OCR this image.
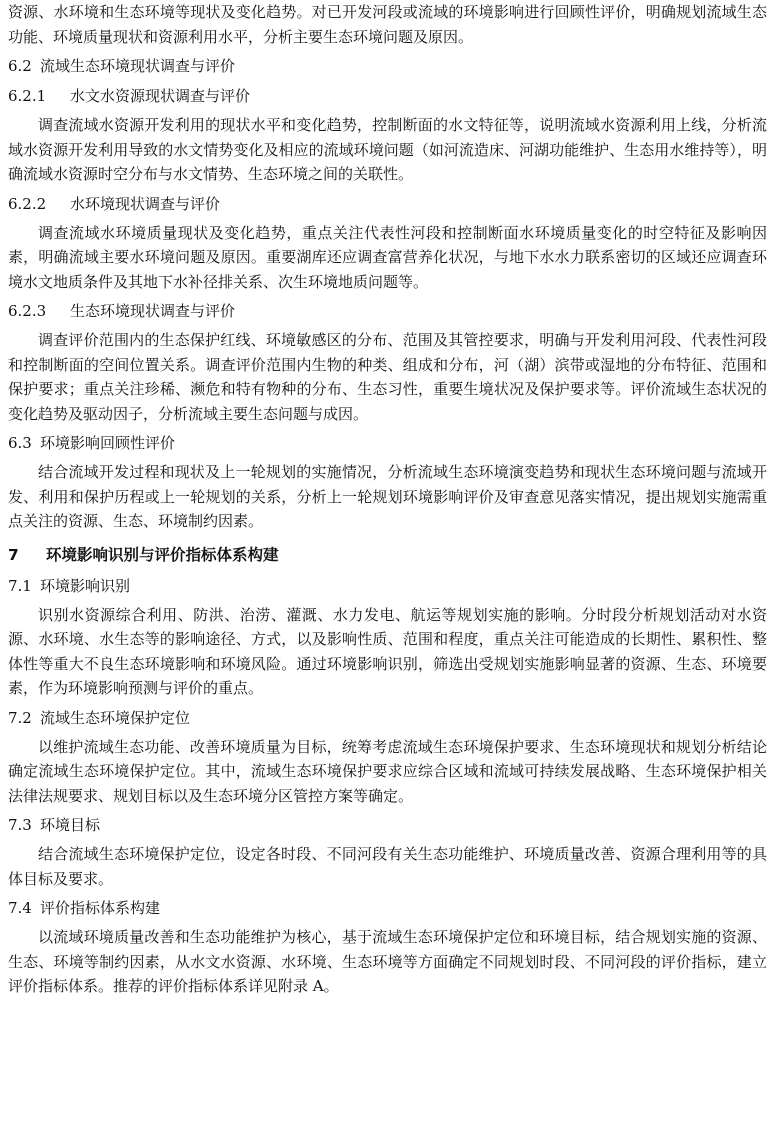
资源、水环境和生态环境等现状及变化趋势。对已开发河段或流域的环境影响进行回顾性评价，明确规划流域生态功能、环境质量现状和资源利用水平，分析主要生态环境问题及原因。

6.2 流域生态环境现状调查与评价

6.2.1 水文水资源现状调查与评价

调查流域水资源开发利用的现状水平和变化趋势，控制断面的水文特征等，说明流域水资源利用上线，分析流域水资源开发利用导致的水文情势变化及相应的流域环境问题（如河流造床、河湖功能维护、生态用水维持等），明确流域水资源时空分布与水文情势、生态环境之间的关联性。

6.2.2 水环境现状调查与评价

调查流域水环境质量现状及变化趋势，重点关注代表性河段和控制断面水环境质量变化的时空特征及影响因素，明确流域主要水环境问题及原因。重要湖库还应调查富营养化状况，与地下水水力联系密切的区域还应调查环境水文地质条件及其地下水补径排关系、次生环境地质问题等。

6.2.3 生态环境现状调查与评价

调查评价范围内的生态保护红线、环境敏感区的分布、范围及其管控要求，明确与开发利用河段、代表性河段和控制断面的空间位置关系。调查评价范围内生物的种类、组成和分布，河（湖）滨带或湿地的分布特征、范围和保护要求；重点关注珍稀、濒危和特有物种的分布、生态习性，重要生境状况及保护要求等。评价流域生态状况的变化趋势及驱动因子，分析流域主要生态问题与成因。

6.3 环境影响回顾性评价

结合流域开发过程和现状及上一轮规划的实施情况，分析流域生态环境演变趋势和现状生态环境问题与流域开发、利用和保护历程或上一轮规划的关系，分析上一轮规划环境影响评价及审查意见落实情况，提出规划实施需重点关注的资源、生态、环境制约因素。

7 环境影响识别与评价指标体系构建

7.1 环境影响识别

识别水资源综合利用、防洪、治涝、灌溉、水力发电、航运等规划实施的影响。分时段分析规划活动对水资源、水环境、水生态等的影响途径、方式，以及影响性质、范围和程度，重点关注可能造成的长期性、累积性、整体性等重大不良生态环境影响和环境风险。通过环境影响识别，筛选出受规划实施影响显著的资源、生态、环境要素，作为环境影响预测与评价的重点。

7.2 流域生态环境保护定位

以维护流域生态功能、改善环境质量为目标，统筹考虑流域生态环境保护要求、生态环境现状和规划分析结论确定流域生态环境保护定位。其中，流域生态环境保护要求应综合区域和流域可持续发展战略、生态环境保护相关法律法规要求、规划目标以及生态环境分区管控方案等确定。

7.3 环境目标

结合流域生态环境保护定位，设定各时段、不同河段有关生态功能维护、环境质量改善、资源合理利用等的具体目标及要求。

7.4 评价指标体系构建

以流域环境质量改善和生态功能维护为核心，基于流域生态环境保护定位和环境目标，结合规划实施的资源、生态、环境等制约因素，从水文水资源、水环境、生态环境等方面确定不同规划时段、不同河段的评价指标，建立评价指标体系。推荐的评价指标体系详见附录 A。
